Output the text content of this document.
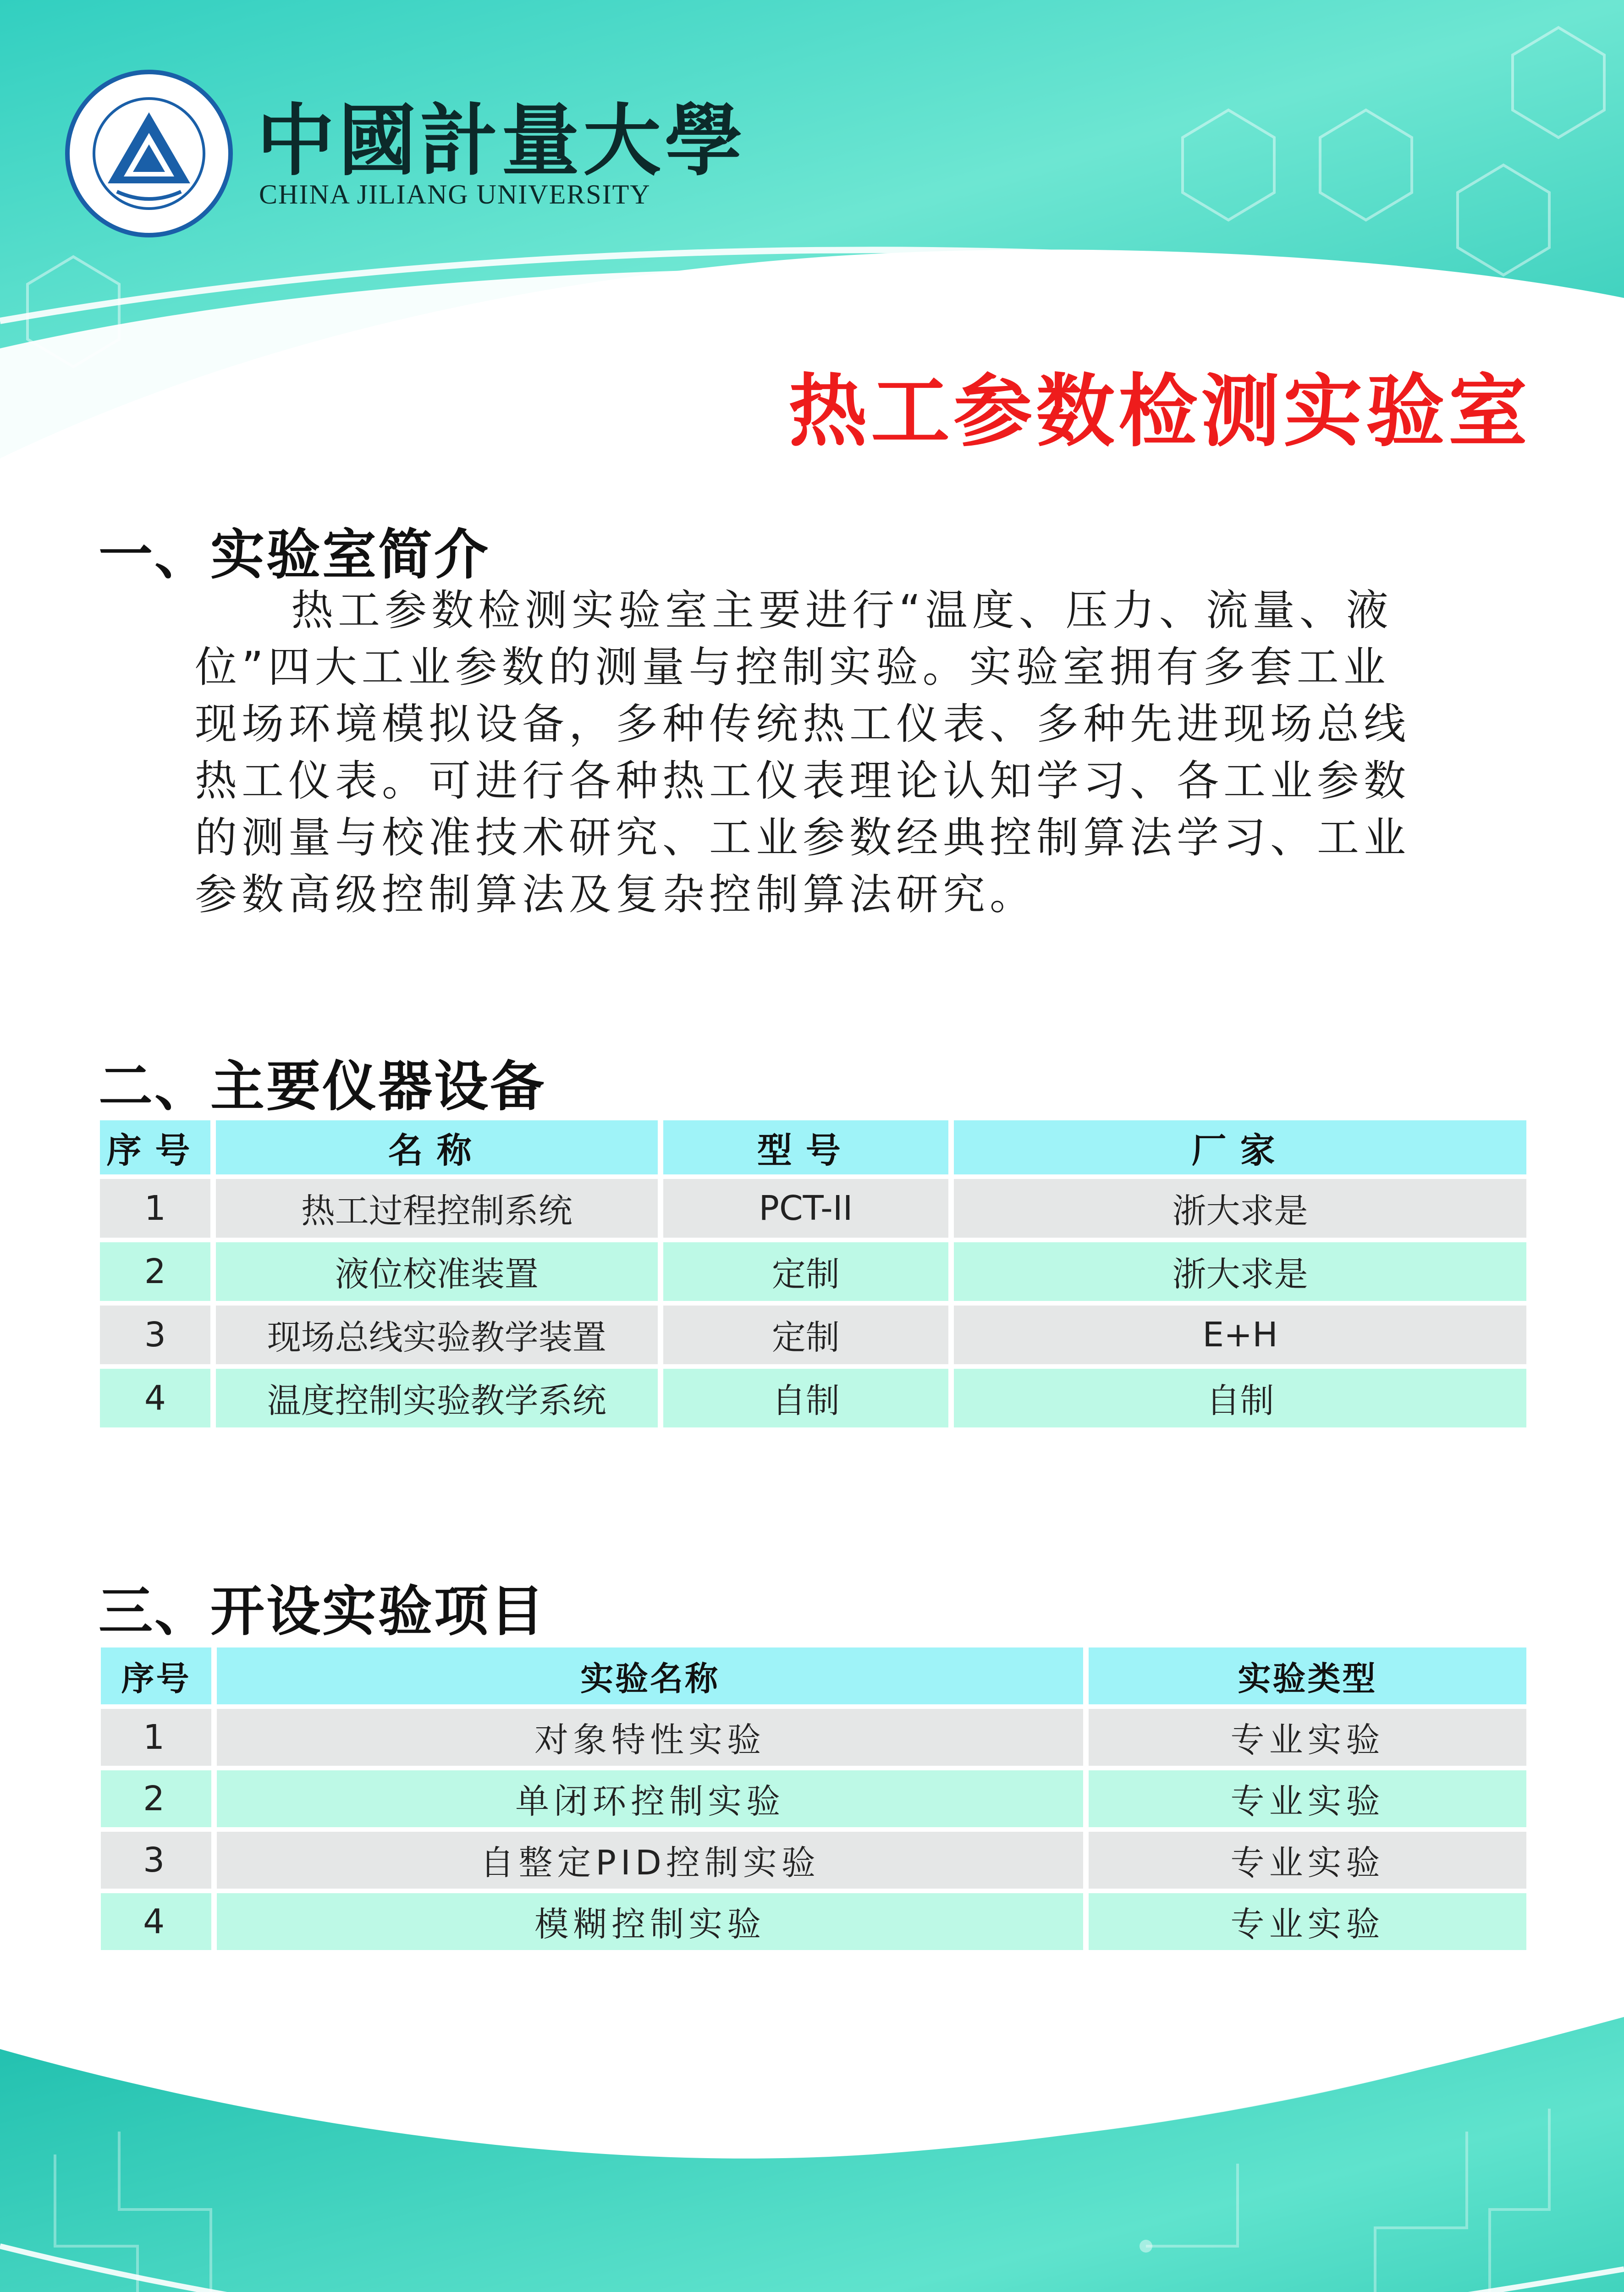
中國計量大學
CHINA JILIANG UNIVERSITY
热工参数检测实验室
一、实验室简介
热工参数检测实验室主要进行“温度、压力、流量、液位”四大工业参数的测量与控制实验。实验室拥有多套工业现场环境模拟设备，多种传统热工仪表、多种先进现场总线热工仪表。可进行各种热工仪表理论认知学习、各工业参数的测量与校准技术研究、工业参数经典控制算法学习、工业参数高级控制算法及复杂控制算法研究。
二、主要仪器设备
序号	名称	型号	厂家
1	热工过程控制系统	PCT-II	浙大求是
2	液位校准装置	定制	浙大求是
3	现场总线实验教学装置	定制	E+H
4	温度控制实验教学系统	自制	自制
三、开设实验项目
序号	实验名称	实验类型
1	对象特性实验	专业实验
2	单闭环控制实验	专业实验
3	自整定PID控制实验	专业实验
4	模糊控制实验	专业实验
